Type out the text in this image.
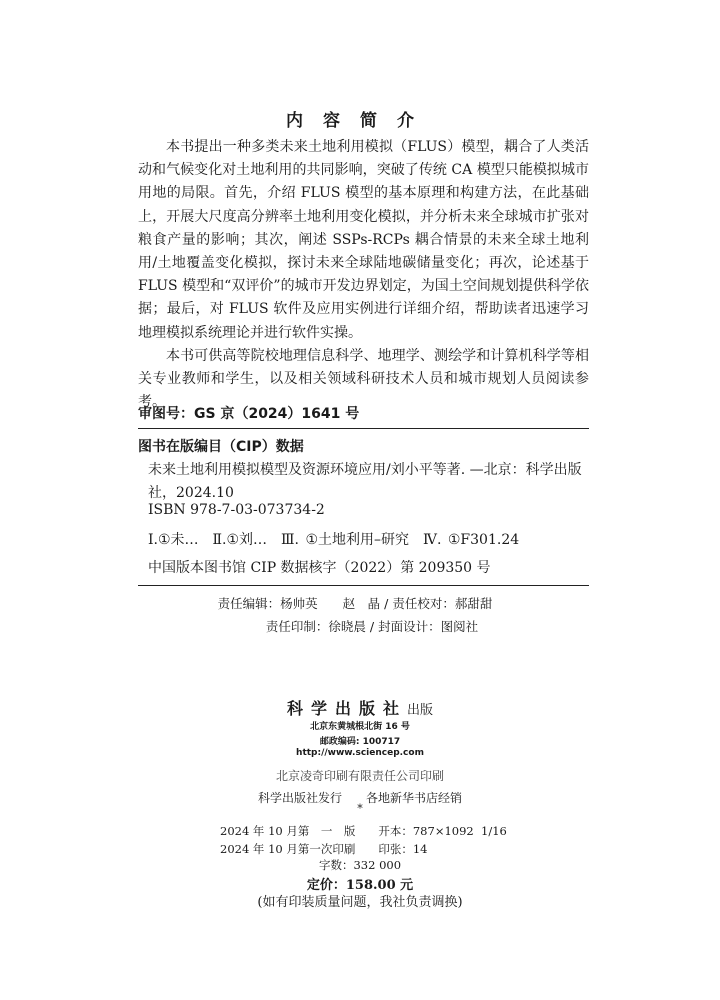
内容简介

本书提出一种多类未来土地利用模拟（FLUS）模型，耦合了人类活动和气候变化对土地利用的共同影响，突破了传统 CA 模型只能模拟城市用地的局限。首先，介绍 FLUS 模型的基本原理和构建方法，在此基础上，开展大尺度高分辨率土地利用变化模拟，并分析未来全球城市扩张对粮食产量的影响；其次，阐述 SSPs-RCPs 耦合情景的未来全球土地利用/土地覆盖变化模拟，探讨未来全球陆地碳储量变化；再次，论述基于 FLUS 模型和“双评价”的城市开发边界划定，为国土空间规划提供科学依据；最后，对 FLUS 软件及应用实例进行详细介绍，帮助读者迅速学习地理模拟系统理论并进行软件实操。

本书可供高等院校地理信息科学、地理学、测绘学和计算机科学等相关专业教师和学生，以及相关领域科研技术人员和城市规划人员阅读参考。

审图号：GS 京（2024）1641 号
图书在版编目（CIP）数据
未来土地利用模拟模型及资源环境应用/刘小平等著. —北京：科学出版社，2024.10
ISBN 978-7-03-073734-2
Ⅰ.①未…　Ⅱ.①刘…　Ⅲ. ①土地利用–研究　Ⅳ. ①F301.24
中国版本图书馆 CIP 数据核字（2022）第 209350 号
责任编辑：杨帅英　　赵　晶 / 责任校对：郝甜甜
责任印制：徐晓晨 / 封面设计：图阅社
科学出版社出版
北京东黄城根北街 16 号
邮政编码: 100717
http://www.sciencep.com
北京凌奇印刷有限责任公司印刷
科学出版社发行　　各地新华书店经销
*
2024 年 10 月第　一　版　　开本：787×1092  1/16
2024 年 10 月第一次印刷　　印张：14
字数：332 000
定价：158.00 元
(如有印装质量问题，我社负责调换)
